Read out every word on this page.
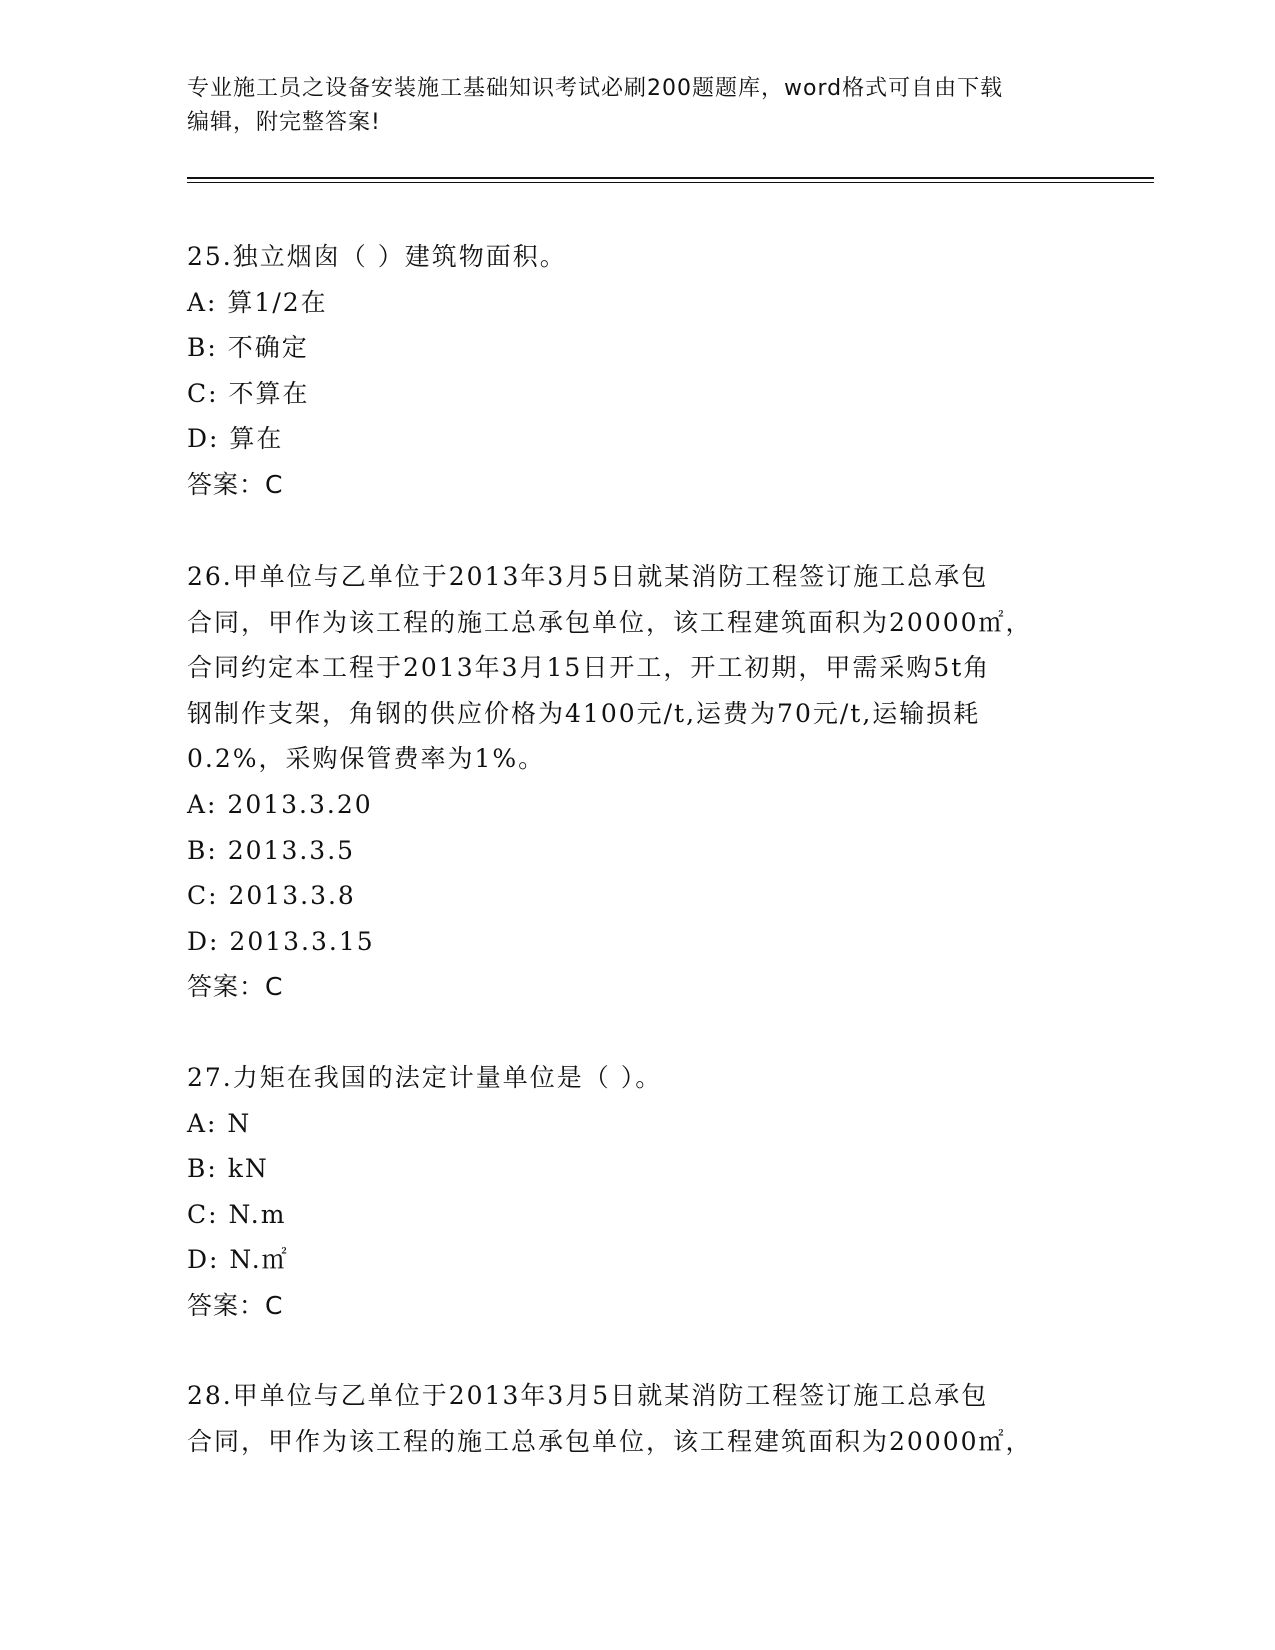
专业施工员之设备安装施工基础知识考试必刷200题题库，word格式可自由下载
编辑，附完整答案!

25.独立烟囱（ ）建筑物面积。

A: 算1/2在

B: 不确定

C: 不算在

D: 算在

答案：C

26.甲单位与乙单位于2013年3月5日就某消防工程签订施工总承包

合同，甲作为该工程的施工总承包单位，该工程建筑面积为20000㎡，

合同约定本工程于2013年3月15日开工，开工初期，甲需采购5t角

钢制作支架，角钢的供应价格为4100元/t,运费为70元/t,运输损耗

0.2%，采购保管费率为1%。

A: 2013.3.20

B: 2013.3.5

C: 2013.3.8

D: 2013.3.15

答案：C

27.力矩在我国的法定计量单位是（ ）。

A: N

B: kN

C: N.m

D: N.㎡

答案：C

28.甲单位与乙单位于2013年3月5日就某消防工程签订施工总承包

合同，甲作为该工程的施工总承包单位，该工程建筑面积为20000㎡，
